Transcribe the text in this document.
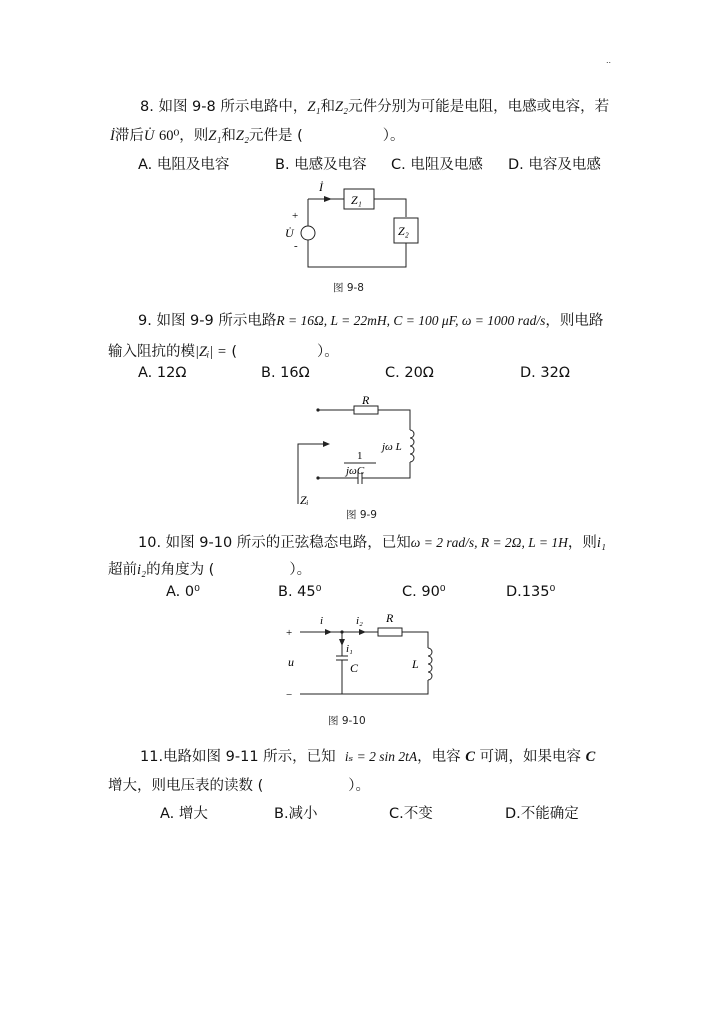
..
8. 如图 9-8 所示电路中，Z₁和Z₂元件分别为可能是电阻，电感或电容，若
İ滞后U̇ 60⁰，则Z₁和Z₂元件是 (	）。
A. 电阻及电容	B. 电感及电容 C. 电阻及电感 D. 电容及电感
İ
Z₁
Z₂
+
U̇
-
图 9-8
9. 如图 9-9 所示电路R = 16Ω, L = 22mH, C = 100 μF, ω = 1000 rad/s，则电路
输入阻抗的模|Zᵢ| = (	）。
A. 12Ω	B. 16Ω	C. 20Ω	D. 32Ω
R
jω L
1
jωC
Zᵢ
图 9-9
10. 如图 9-10 所示的正弦稳态电路，已知ω = 2 rad/s, R = 2Ω, L = 1H，则i₁
超前i₂的角度为 (	）。
A. 0⁰	B. 45⁰	C. 90⁰	D.135⁰
+
−
i	i₂ R
i₁
C	L
u
图 9-10
11.电路如图 9-11 所示，已知 iₛ = 2 sin 2tA，电容 C 可调，如果电容 C
增大，则电压表的读数 (	）。
A. 增大	B.减小	C.不变	D.不能确定
